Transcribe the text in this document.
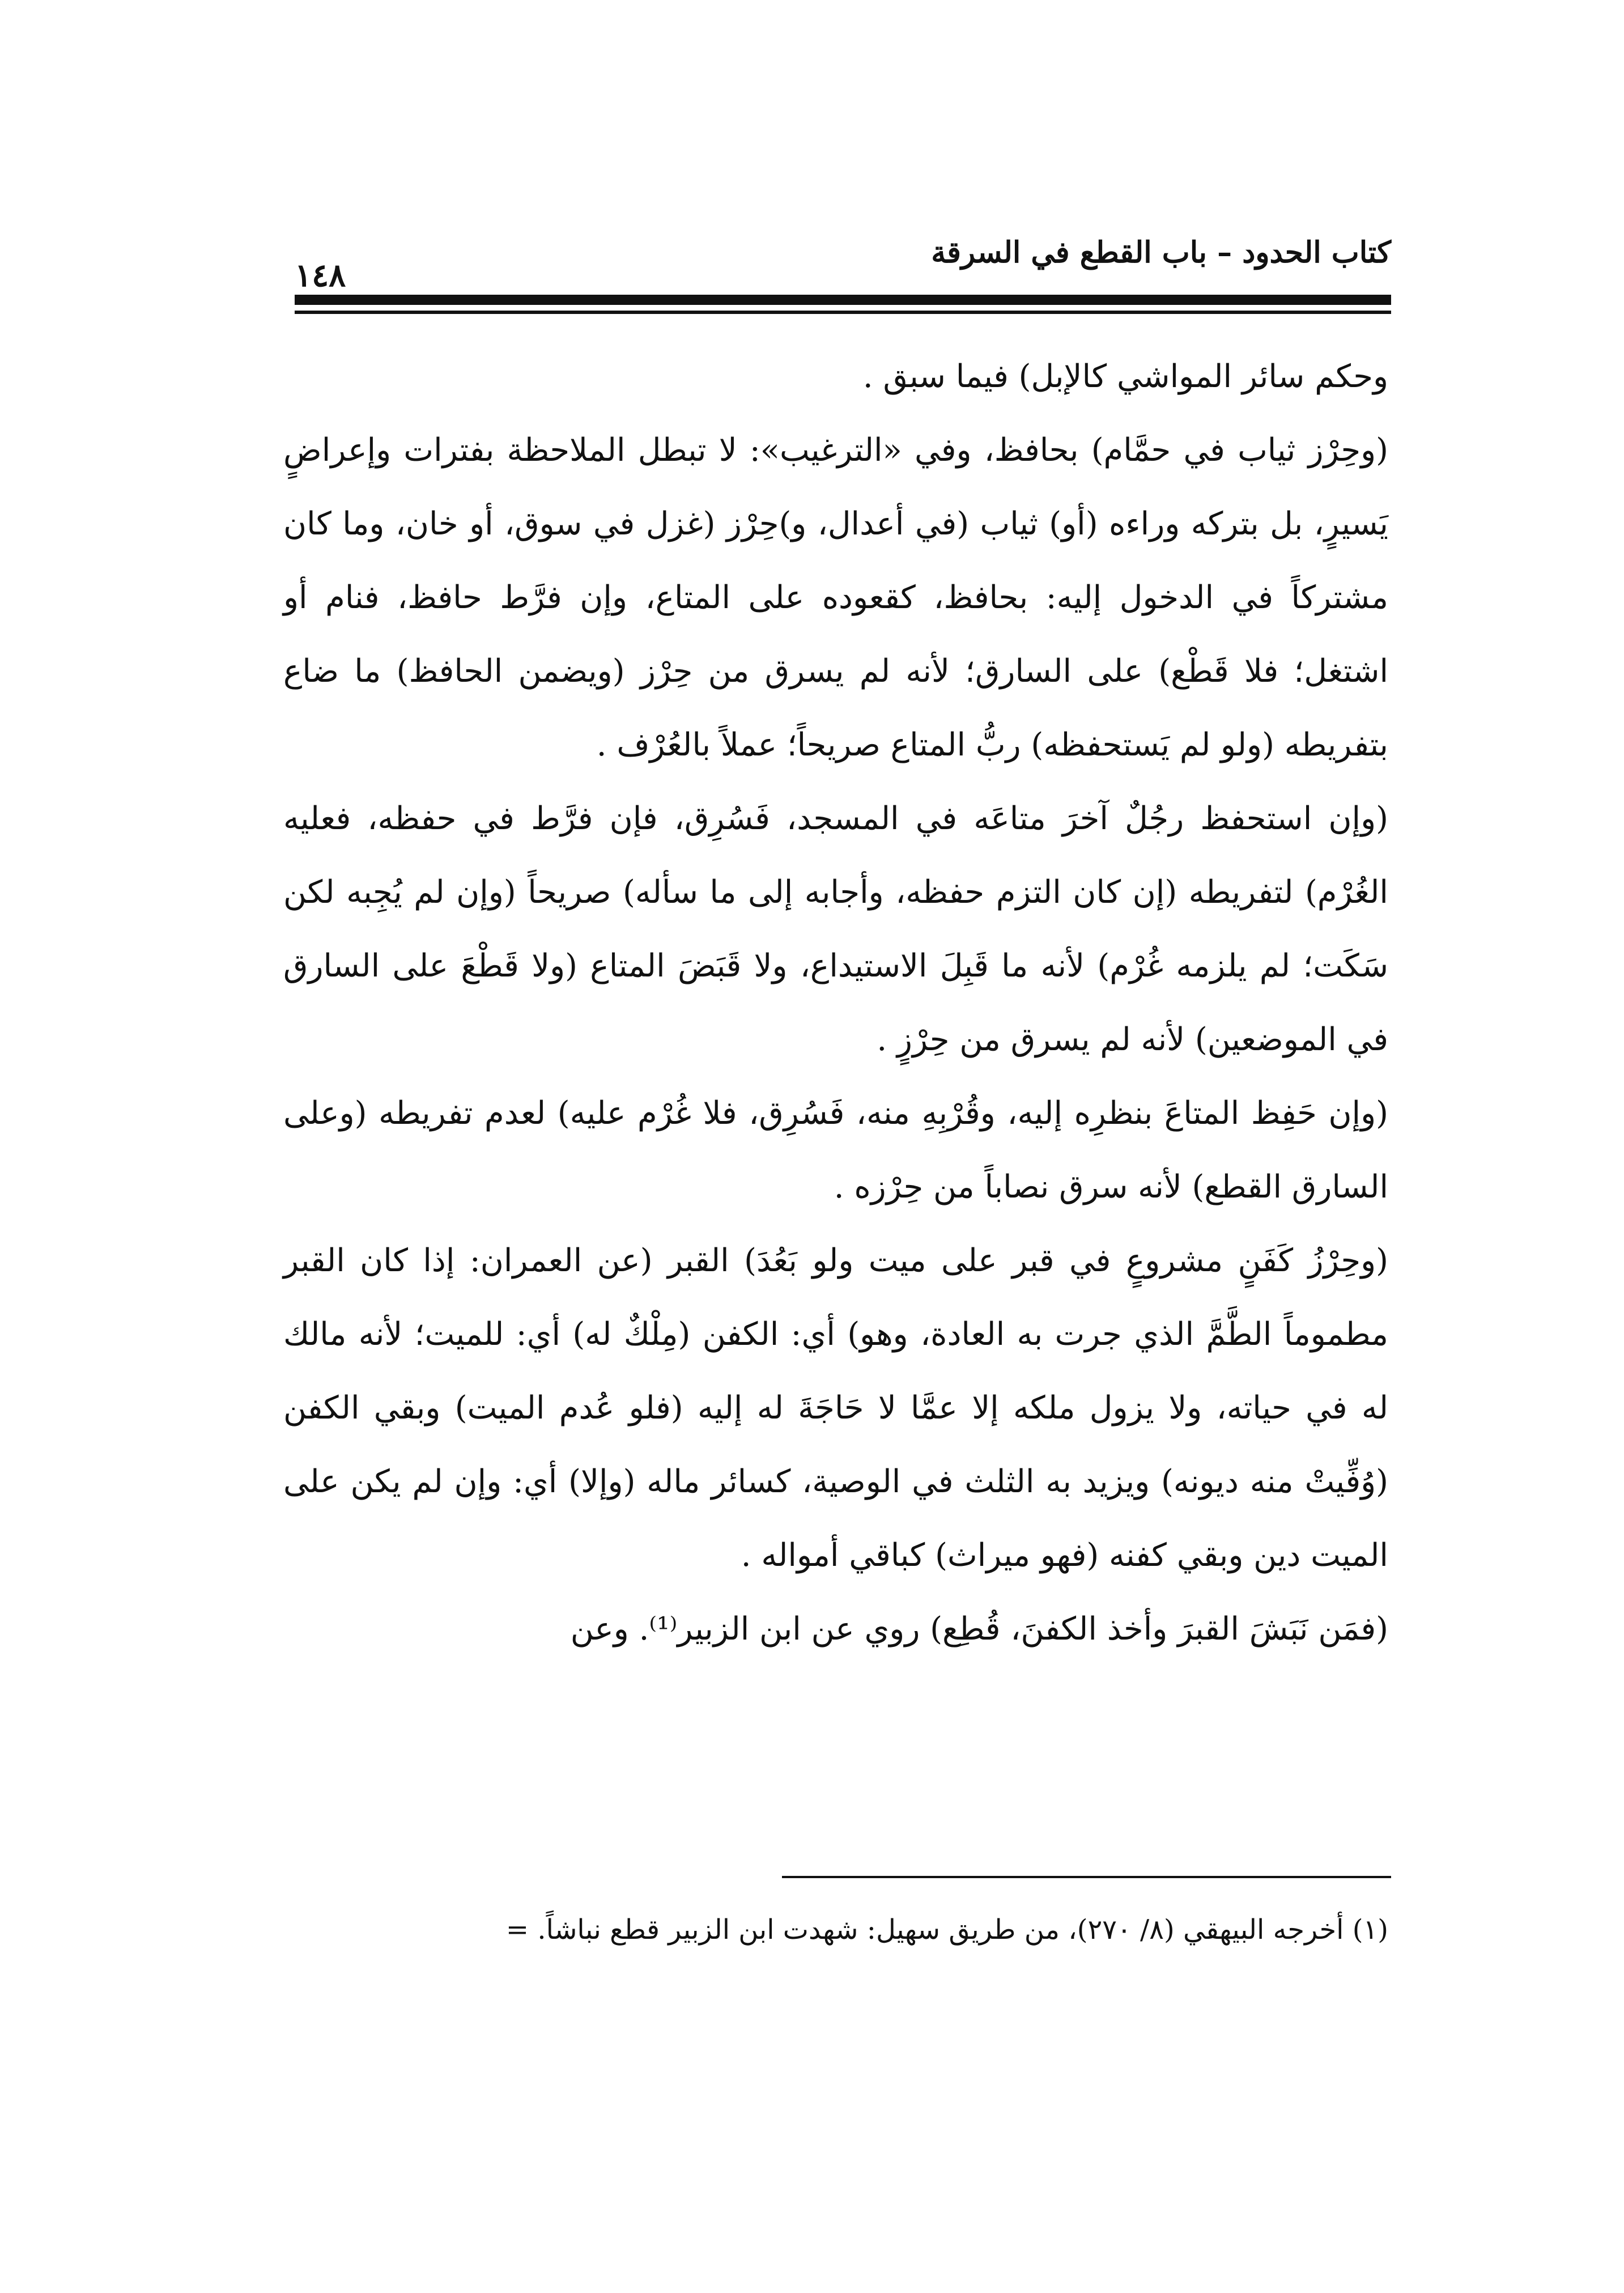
كتاب الحدود – باب القطع في السرقة
١٤٨

وحكم سائر المواشي كالإبل) فيما سبق .

(وحِرْز ثياب في حمَّام) بحافظ، وفي «الترغيب»: لا تبطل الملاحظة بفترات وإعراضٍ يَسيرٍ، بل بتركه وراءه (أو) ثياب (في أعدال، و)حِرْز (غزل في سوق، أو خان، وما كان مشتركاً في الدخول إليه: بحافظ، كقعوده على المتاع، وإن فرَّط حافظ، فنام أو اشتغل؛ فلا قَطْع) على السارق؛ لأنه لم يسرق من حِرْز (ويضمن الحافظ) ما ضاع بتفريطه (ولو لم يَستحفظه) ربُّ المتاع صريحاً؛ عملاً بالعُرْف .

(وإن استحفظ رجُلٌ آخرَ متاعَه في المسجد، فَسُرِق، فإن فرَّط في حفظه، فعليه الغُرْم) لتفريطه (إن كان التزم حفظه، وأجابه إلى ما سأله) صريحاً (وإن لم يُجِبه لكن سَكَت؛ لم يلزمه غُرْم) لأنه ما قَبِلَ الاستيداع، ولا قَبَضَ المتاع (ولا قَطْعَ على السارق في الموضعين) لأنه لم يسرق من حِرْزٍ .

(وإن حَفِظ المتاعَ بنظرِه إليه، وقُرْبِهِ منه، فَسُرِق، فلا غُرْم عليه) لعدم تفريطه (وعلى السارق القطع) لأنه سرق نصاباً من حِرْزه .

(وحِرْزُ كَفَنٍ مشروعٍ في قبر على ميت ولو بَعُدَ) القبر (عن العمران: إذا كان القبر مطموماً الطَّمَّ الذي جرت به العادة، وهو) أي: الكفن (مِلْكٌ له) أي: للميت؛ لأنه مالك له في حياته، ولا يزول ملكه إلا عمَّا لا حَاجَةَ له إليه (فلو عُدم الميت) وبقي الكفن (وُفِّيتْ منه ديونه) ويزيد به الثلث في الوصية، كسائر ماله (وإلا) أي: وإن لم يكن على الميت دين وبقي كفنه (فهو ميراث) كباقي أمواله .

(فمَن نَبَشَ القبرَ وأخذ الكفنَ، قُطِع) روي عن ابن الزبير⁽¹⁾. وعن

(١) أخرجه البيهقي (٨/ ٢٧٠)، من طريق سهيل: شهدت ابن الزبير قطع نباشاً. =
